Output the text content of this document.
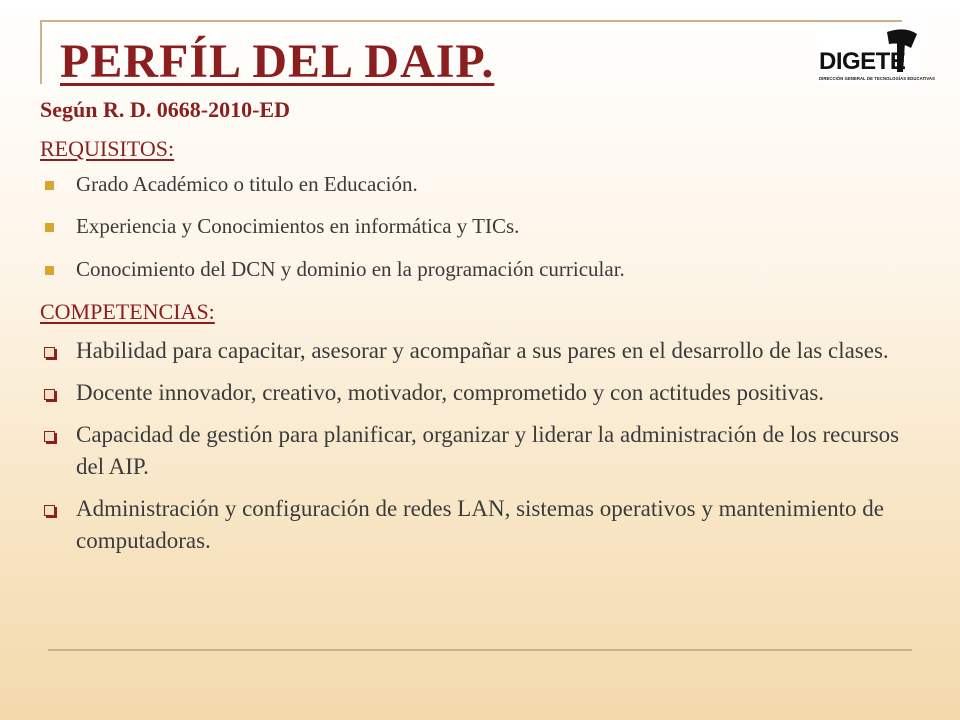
PERFÍL DEL DAIP.	DIGETE
DIRECCIÓN GENERAL DE TECNOLOGÍAS EDUCATIVAS

Según R. D. 0668-2010-ED

REQUISITOS:

Grado Académico o titulo en Educación.
Experiencia y Conocimientos en informática y TICs.
Conocimiento del DCN y dominio en la programación curricular.

COMPETENCIAS:

Habilidad para capacitar, asesorar y acompañar a sus pares en el desarrollo de las clases.
Docente innovador, creativo, motivador, comprometido y con actitudes positivas.
Capacidad de gestión para planificar, organizar y liderar la administración de los recursos del AIP.
Administración y configuración de redes LAN, sistemas operativos y mantenimiento de computadoras.
